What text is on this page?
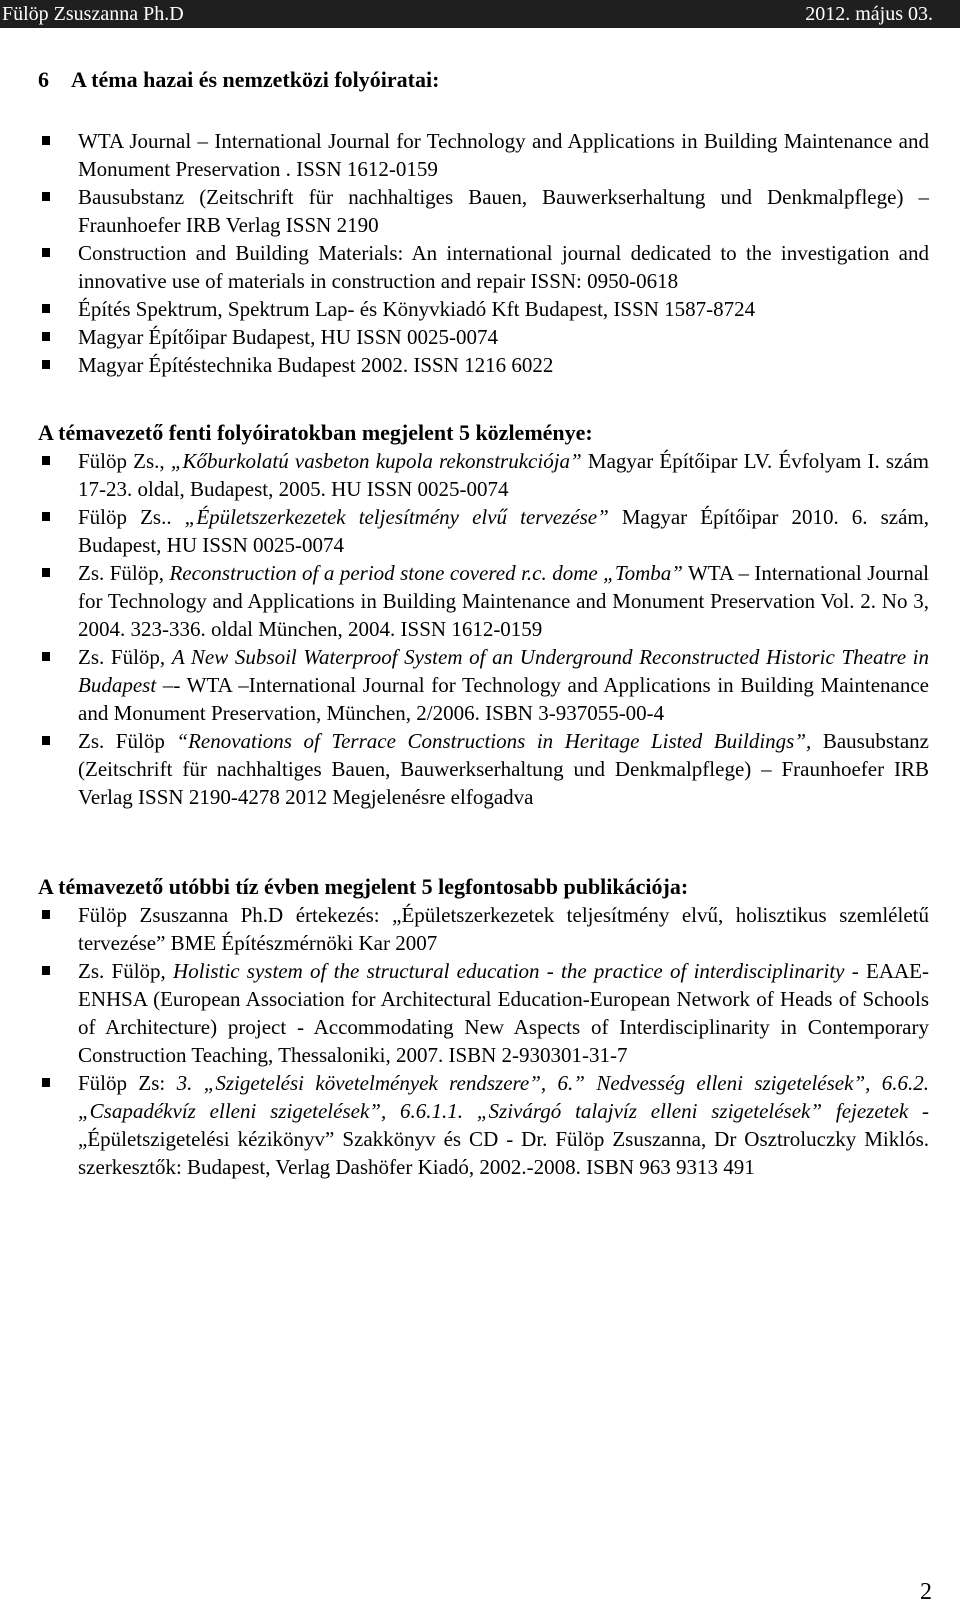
Fülöp Zsuszanna Ph.D	2012. május 03.
6 A téma hazai és nemzetközi folyóiratai:
WTA Journal – International Journal for Technology and Applications in Building Maintenance and Monument Preservation . ISSN 1612-0159
Bausubstanz (Zeitschrift für nachhaltiges Bauen, Bauwerkserhaltung und Denkmalpflege) – Fraunhoefer IRB Verlag ISSN 2190
Construction and Building Materials: An international journal dedicated to the investigation and innovative use of materials in construction and repair ISSN: 0950-0618
Építés Spektrum, Spektrum Lap- és Könyvkiadó Kft Budapest, ISSN 1587-8724
Magyar Építőipar Budapest, HU ISSN 0025-0074
Magyar Építéstechnika Budapest 2002. ISSN 1216 6022

A témavezető fenti folyóiratokban megjelent 5 közleménye:

Fülöp Zs., „Kőburkolatú vasbeton kupola rekonstrukciója” Magyar Építőipar LV. Évfolyam I. szám 17-23. oldal, Budapest, 2005. HU ISSN 0025-0074
Fülöp Zs.. „Épületszerkezetek teljesítmény elvű tervezése” Magyar Építőipar 2010. 6. szám, Budapest, HU ISSN 0025-0074
Zs. Fülöp, Reconstruction of a period stone covered r.c. dome „Tomba” WTA – International Journal for Technology and Applications in Building Maintenance and Monument Preservation Vol. 2. No 3, 2004. 323-336. oldal München, 2004. ISSN 1612-0159
Zs. Fülöp, A New Subsoil Waterproof System of an Underground Reconstructed Historic Theatre in Budapest –- WTA –International Journal for Technology and Applications in Building Maintenance and Monument Preservation, München, 2/2006. ISBN 3-937055-00-4
Zs. Fülöp “Renovations of Terrace Constructions in Heritage Listed Buildings”, Bausubstanz (Zeitschrift für nachhaltiges Bauen, Bauwerkserhaltung und Denkmalpflege) – Fraunhoefer IRB Verlag ISSN 2190-4278 2012 Megjelenésre elfogadva

A témavezető utóbbi tíz évben megjelent 5 legfontosabb publikációja:

Fülöp Zsuszanna Ph.D értekezés: „Épületszerkezetek teljesítmény elvű, holisztikus szemléletű tervezése” BME Építészmérnöki Kar 2007
Zs. Fülöp, Holistic system of the structural education - the practice of interdisciplinarity - EAAE-ENHSA (European Association for Architectural Education-European Network of Heads of Schools of Architecture) project - Accommodating New Aspects of Interdisciplinarity in Contemporary Construction Teaching, Thessaloniki, 2007. ISBN 2-930301-31-7
Fülöp Zs: 3. „Szigetelési követelmények rendszere”, 6.” Nedvesség elleni szigetelések”, 6.6.2. „Csapadékvíz elleni szigetelések”, 6.6.1.1. „Szivárgó talajvíz elleni szigetelések” fejezetek - „Épületszigetelési kézikönyv” Szakkönyv és CD - Dr. Fülöp Zsuszanna, Dr Osztroluczky Miklós. szerkesztők: Budapest, Verlag Dashöfer Kiadó, 2002.-2008. ISBN 963 9313 491
2
